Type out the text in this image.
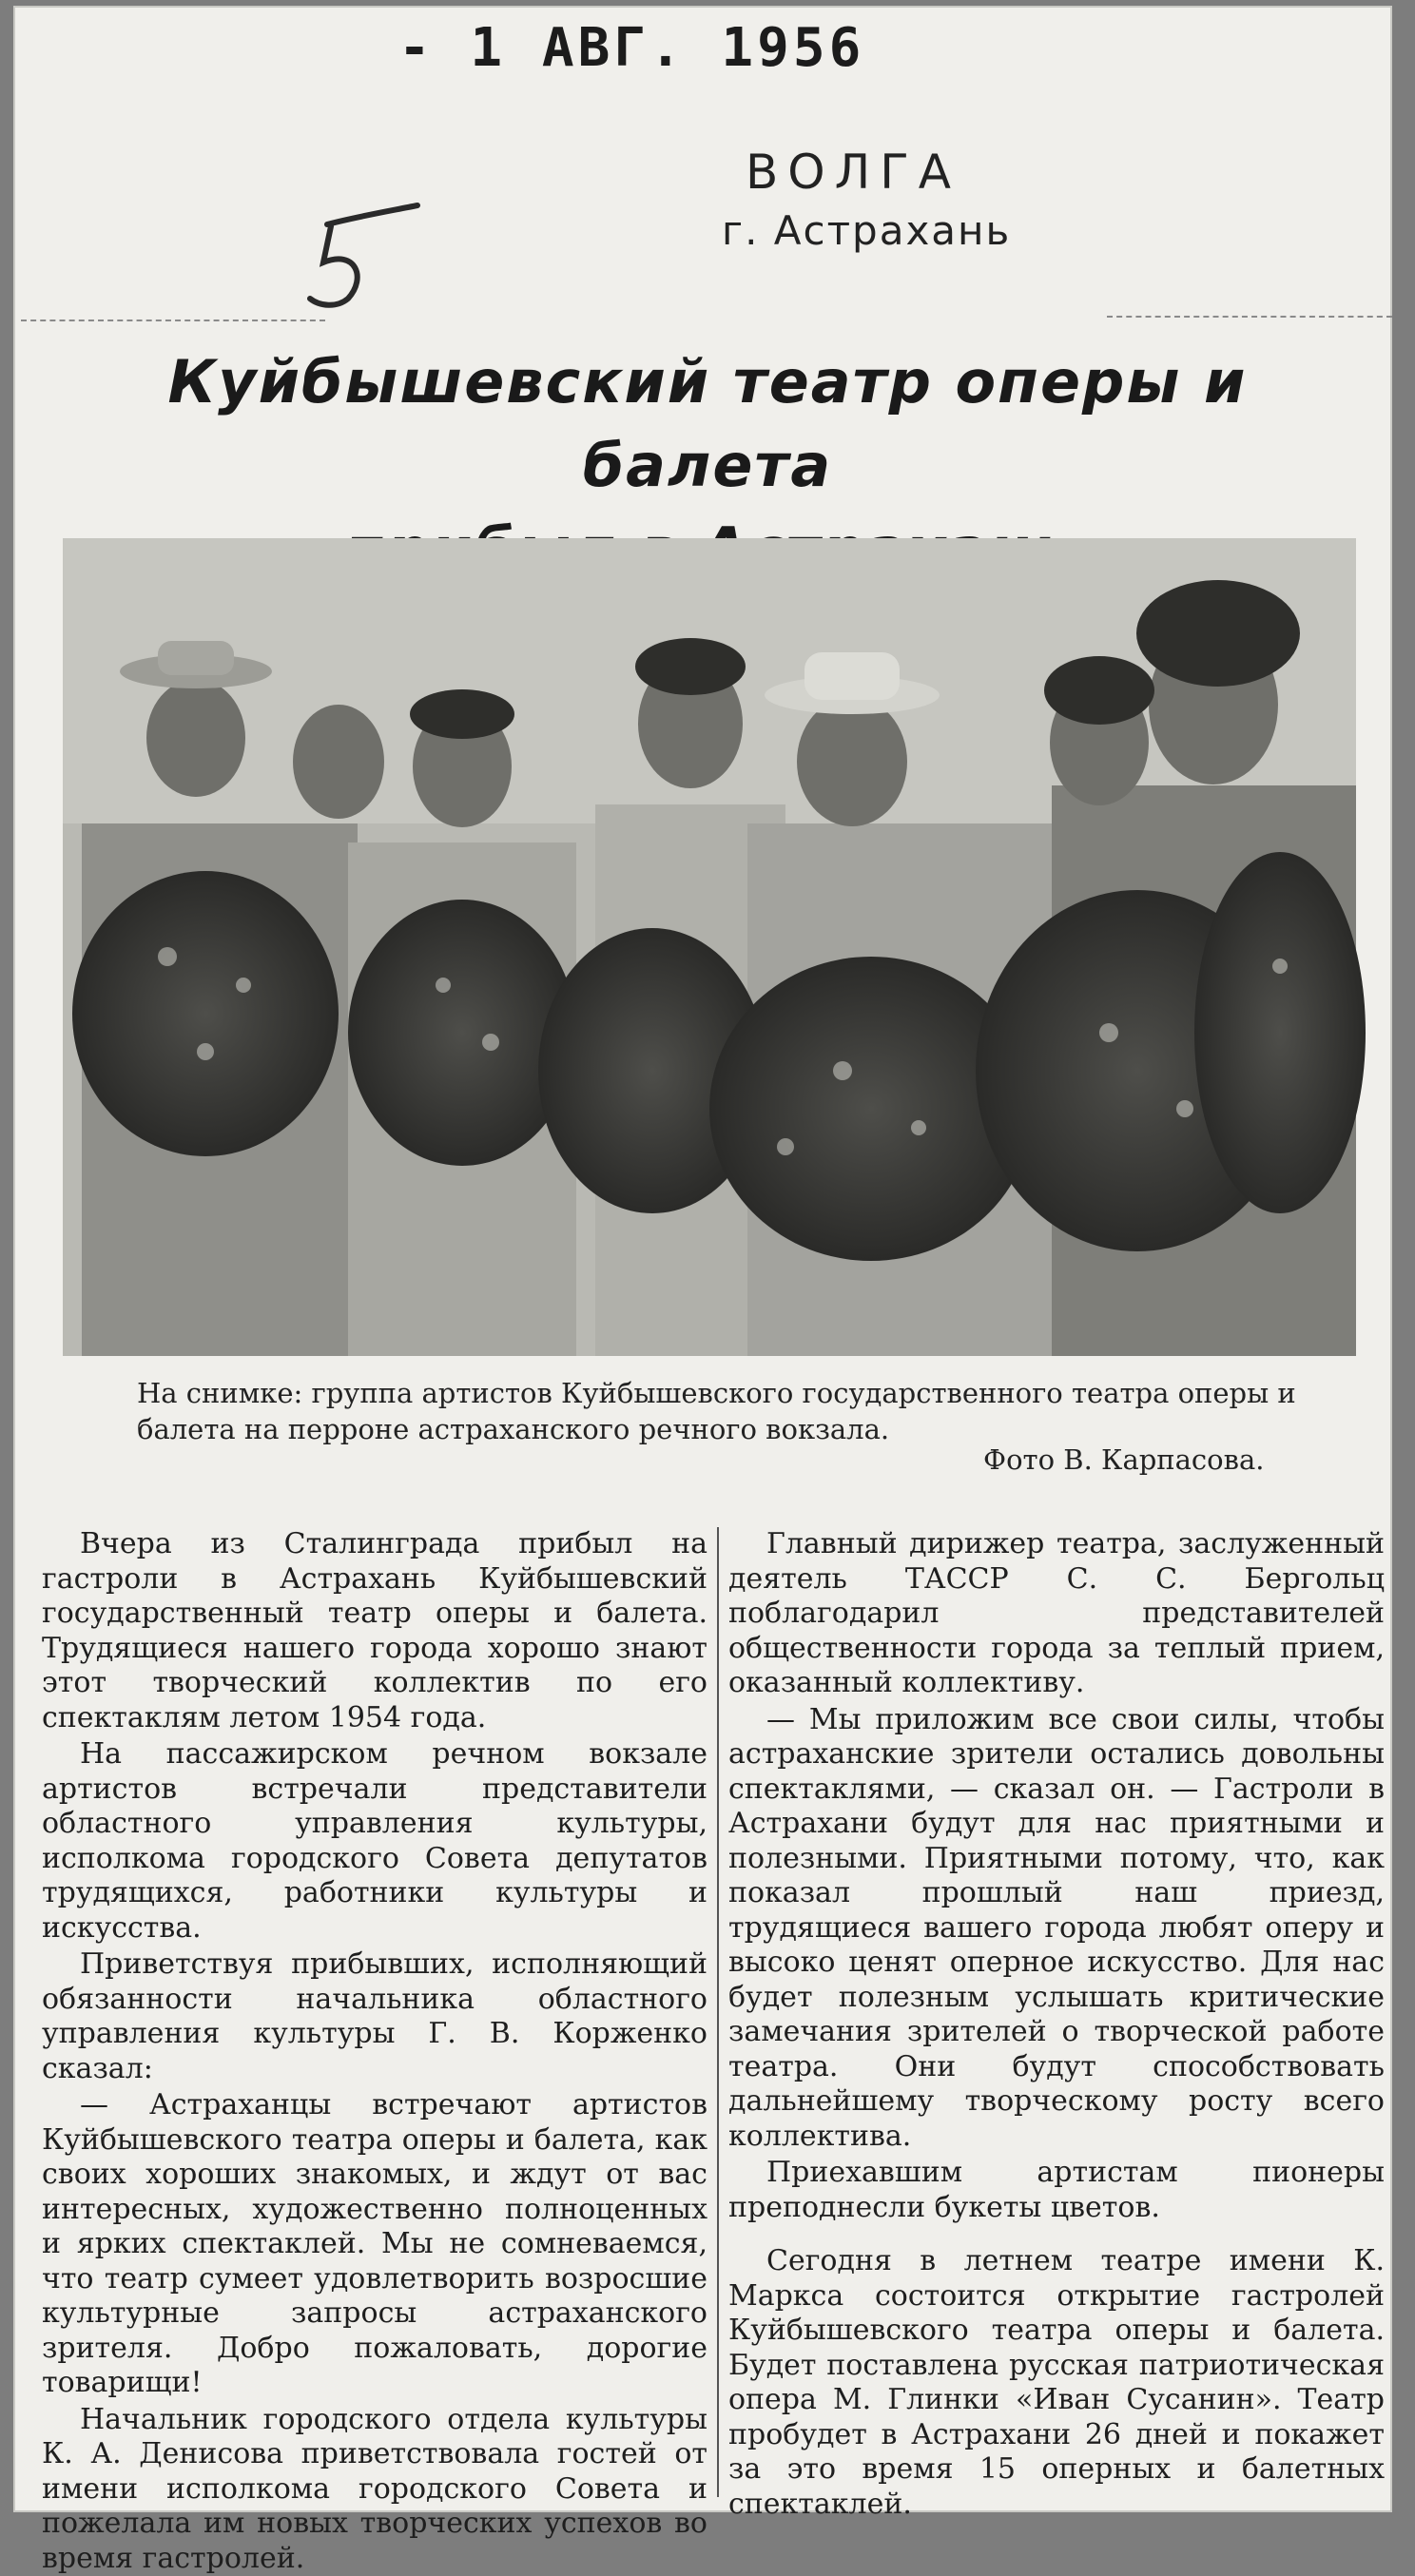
- 1 АВГ. 1956
ВОЛГА
г. Астрахань
Куйбышевский театр оперы и балета
На снимке: группа артистов Куйбышевского государственного театра оперы и балета на перроне астраханского речного вокзала.
Фото В. Карпасова.

Вчера из Сталинграда прибыл на гастроли в Астрахань Куйбышевский государственный театр оперы и балета. Трудящиеся нашего города хорошо знают этот творческий коллектив по его спектаклям летом 1954 года.

На пассажирском речном вокзале артистов встречали представители областного управления культуры, исполкома городского Совета депутатов трудящихся, работники культуры и искусства.

Приветствуя прибывших, исполняющий обязанности начальника областного управления культуры Г. В. Корженко сказал:

— Астраханцы встречают артистов Куйбышевского театра оперы и балета, как своих хороших знакомых, и ждут от вас интересных, художественно полноценных и ярких спектаклей. Мы не сомневаемся, что театр сумеет удовлетворить возросшие культурные запросы астраханского зрителя. Добро пожаловать, дорогие товарищи!

Начальник городского отдела культуры К. А. Денисова приветствовала гостей от имени исполкома городского Совета и пожелала им новых творческих успехов во время гастролей.

Главный дирижер театра, заслуженный деятель ТАССР С. С. Бергольц поблагодарил представителей общественности города за теплый прием, оказанный коллективу.

— Мы приложим все свои силы, чтобы астраханские зрители остались довольны спектаклями, — сказал он. — Гастроли в Астрахани будут для нас приятными и полезными. Приятными потому, что, как показал прошлый наш приезд, трудящиеся вашего города любят оперу и высоко ценят оперное искусство. Для нас будет полезным услышать критические замечания зрителей о творческой работе театра. Они будут способствовать дальнейшему творческому росту всего коллектива.

Приехавшим артистам пионеры преподнесли букеты цветов.

Сегодня в летнем театре имени К. Маркса состоится открытие гастролей Куйбышевского театра оперы и балета. Будет поставлена русская патриотическая опера М. Глинки «Иван Сусанин». Театр пробудет в Астрахани 26 дней и покажет за это время 15 оперных и балетных спектаклей.
